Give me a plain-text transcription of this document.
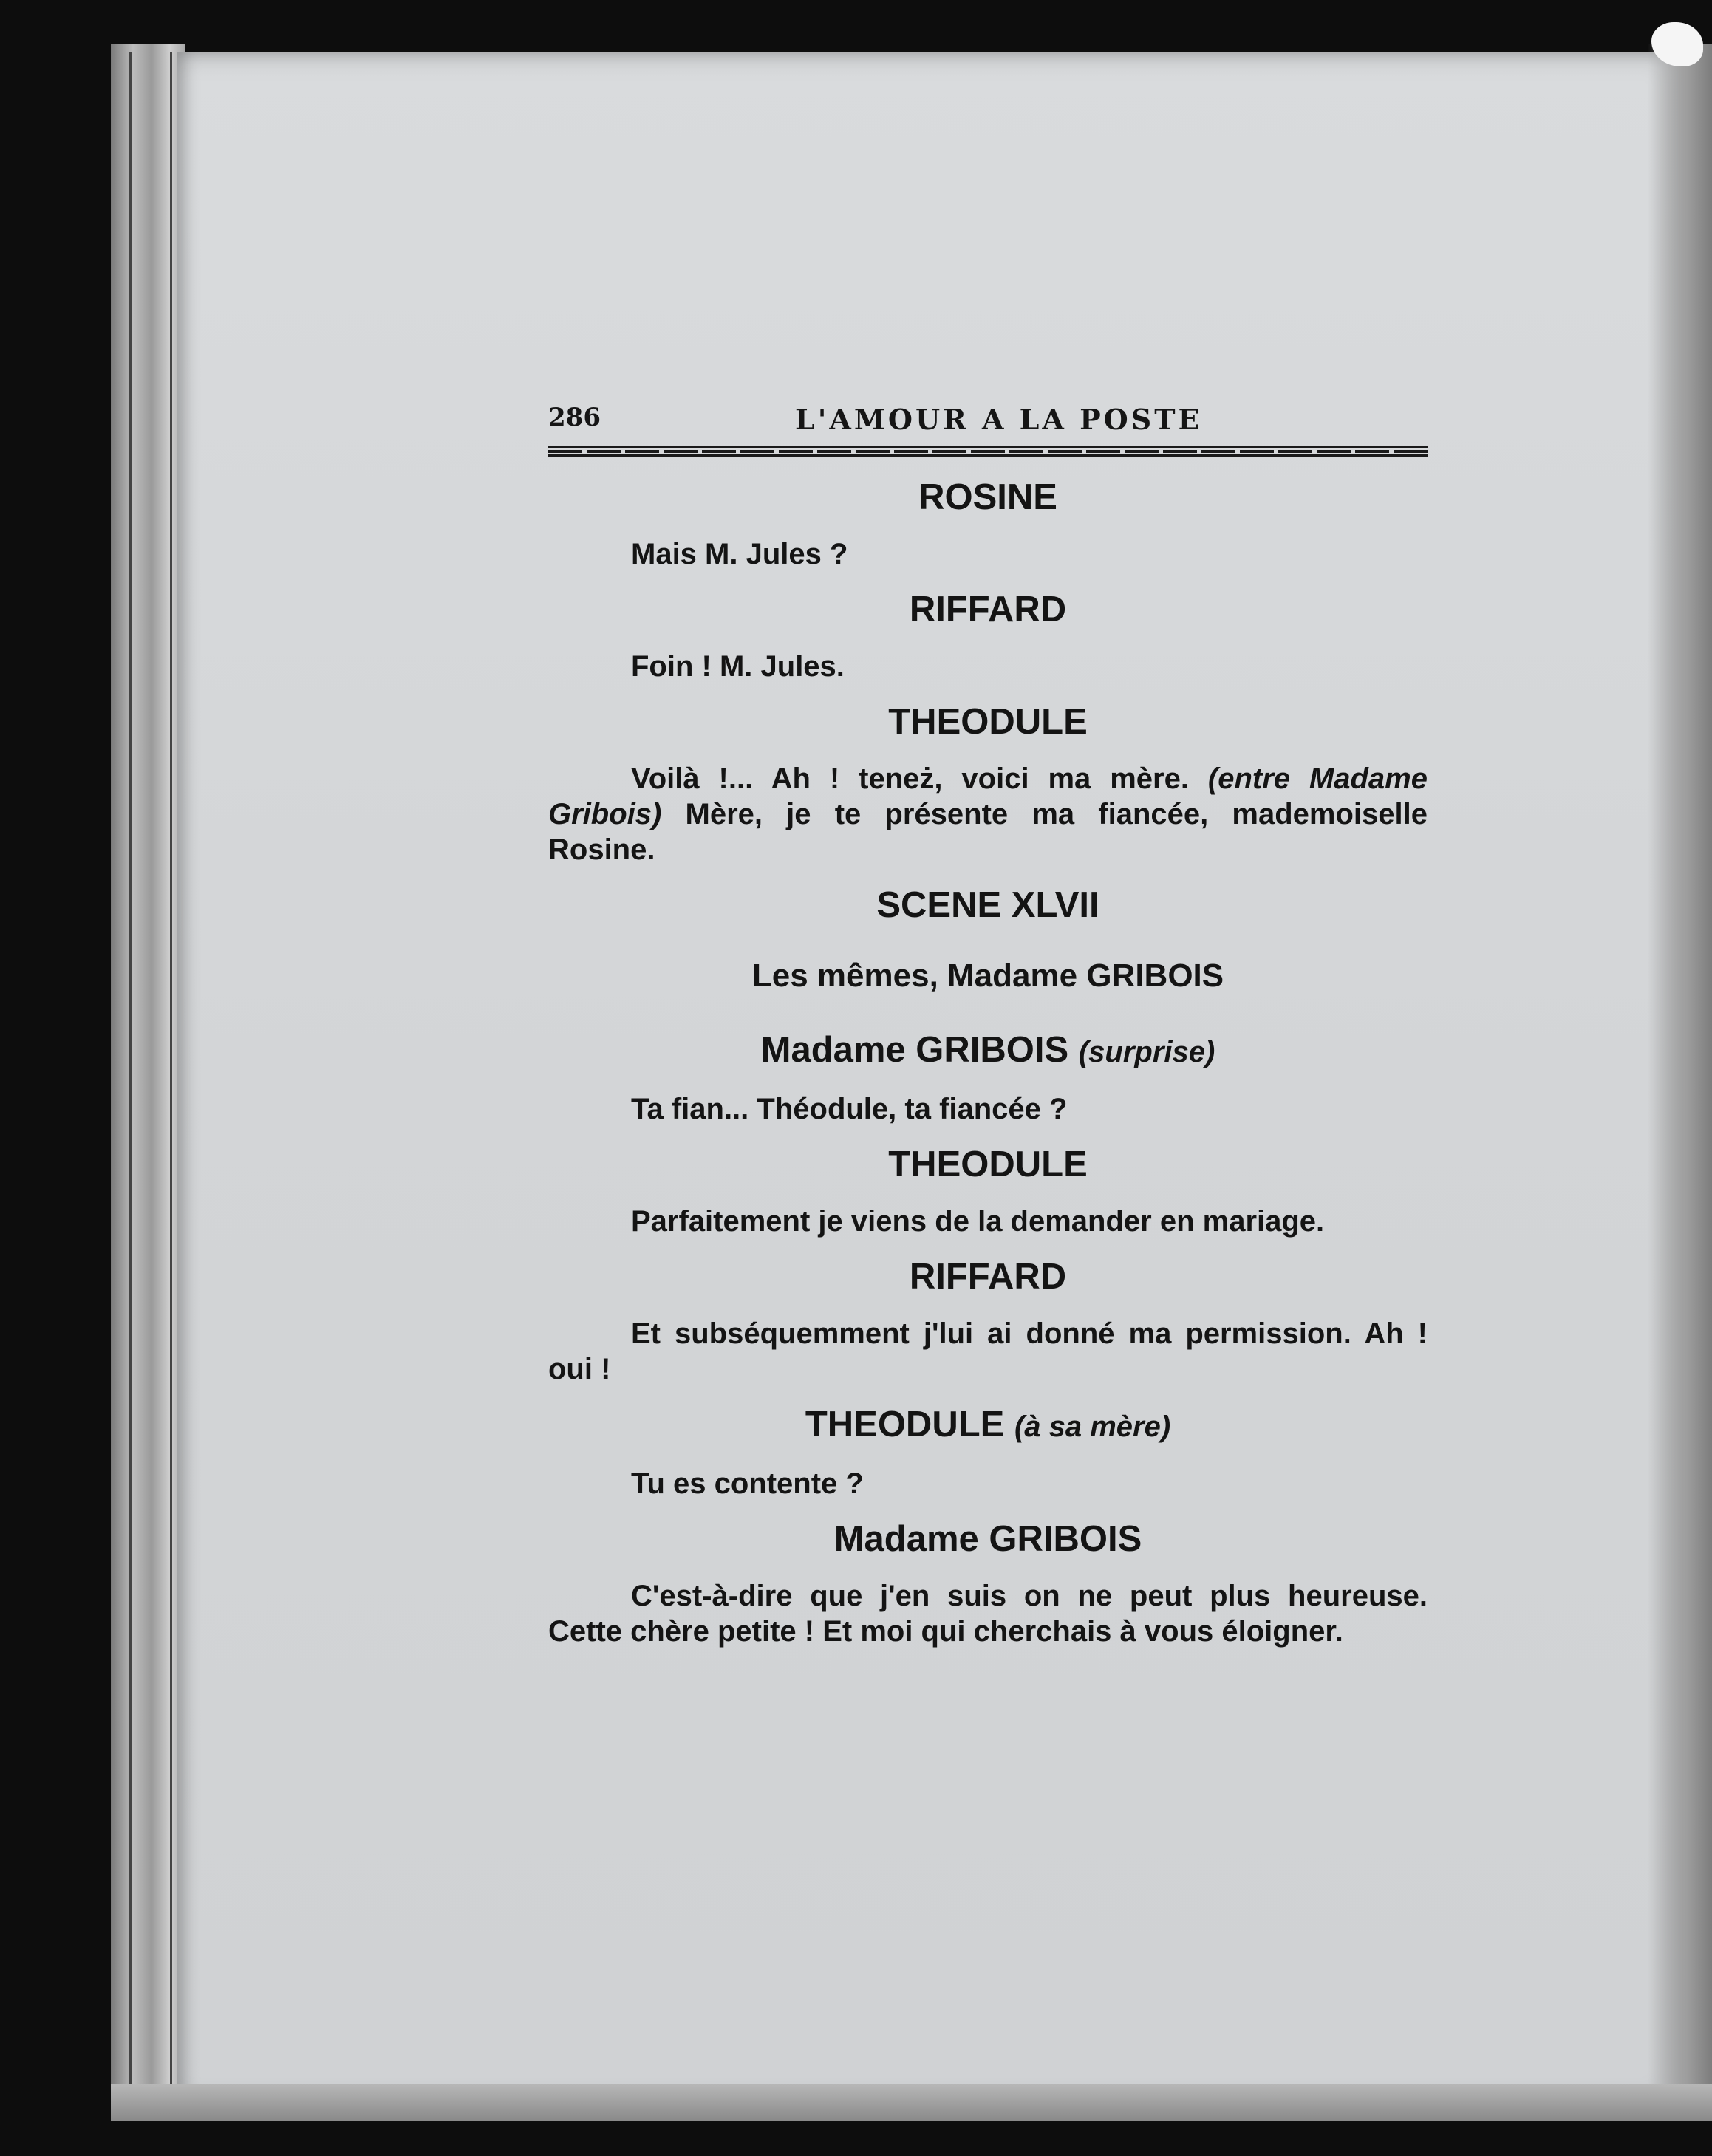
286	L'AMOUR A LA POSTE
ROSINE
Mais M. Jules ?
RIFFARD
Foin ! M. Jules.
THEODULE
Voilà !... Ah ! teneż, voici ma mère. (entre Madame Gribois) Mère, je te présente ma fiancée, mademoiselle Rosine.
SCENE XLVII
Les mêmes, Madame GRIBOIS
Madame GRIBOIS (surprise)
Ta fian... Théodule, ta fiancée ?
THEODULE
Parfaitement je viens de la demander en mariage.
RIFFARD
Et subséquemment j'lui ai donné ma permission. Ah ! oui !
THEODULE (à sa mère)
Tu es contente ?
Madame GRIBOIS
C'est-à-dire que j'en suis on ne peut plus heureuse. Cette chère petite ! Et moi qui cherchais à vous éloigner.
